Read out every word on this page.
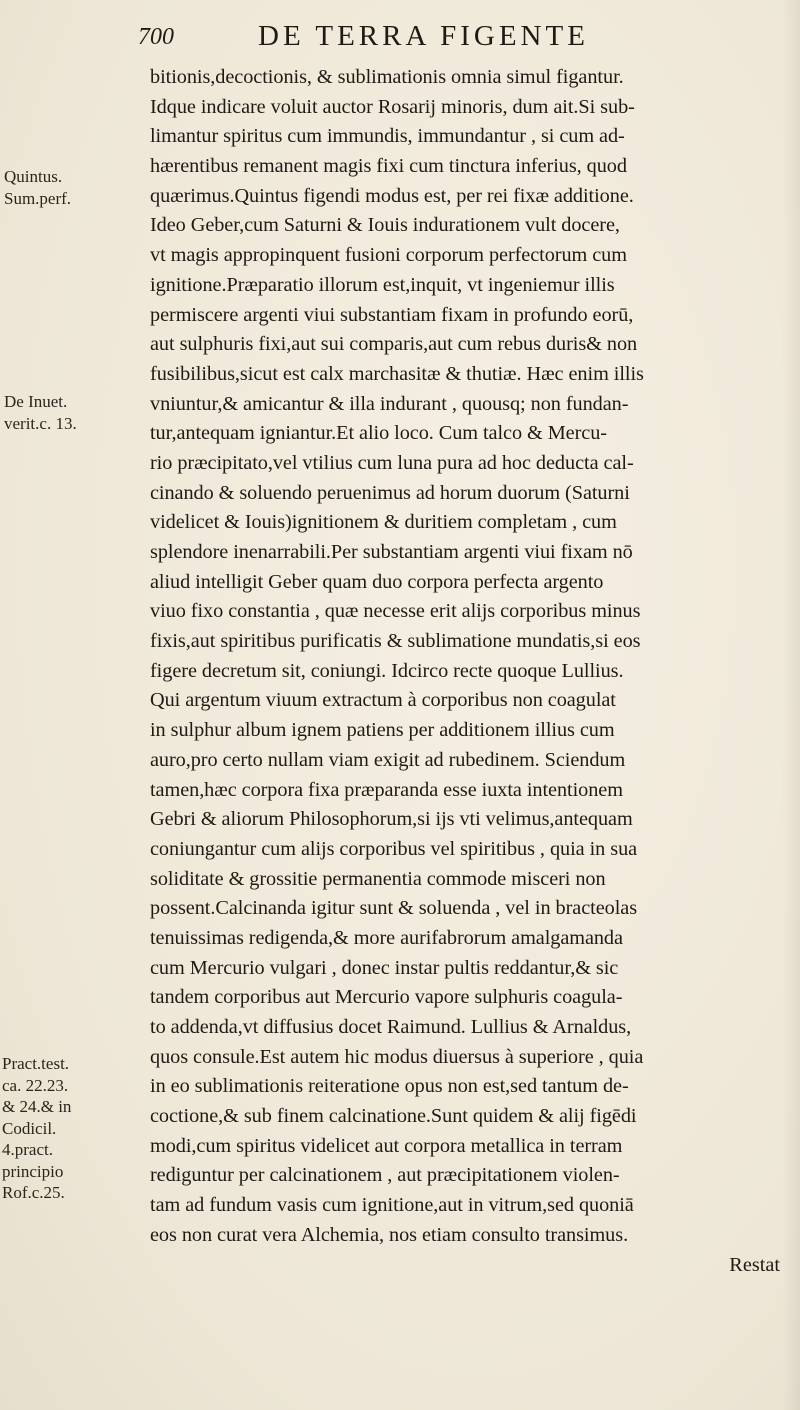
700	DE TERRA FIGENTE
bitionis,decoctionis, & sublimationis omnia simul figantur.
Idque indicare voluit auctor Rosarij minoris, dum ait.Si sub-
limantur spiritus cum immundis, immundantur , si cum ad-
hærentibus remanent magis fixi cum tinctura inferius, quod
quærimus.Quintus figendi modus est, per rei fixæ additione.
Ideo Geber,cum Saturni & Iouis indurationem vult docere,
vt magis appropinquent fusioni corporum perfectorum cum
ignitione.Præparatio illorum est,inquit, vt ingeniemur illis
permiscere argenti viui substantiam fixam in profundo eorū,
aut sulphuris fixi,aut sui comparis,aut cum rebus duris& non
fusibilibus,sicut est calx marchasitæ & thutiæ. Hæc enim illis
vniuntur,& amicantur & illa indurant , quousq; non fundan-
tur,antequam igniantur.Et alio loco. Cum talco & Mercu-
rio præcipitato,vel vtilius cum luna pura ad hoc deducta cal-
cinando & soluendo peruenimus ad horum duorum (Saturni
videlicet & Iouis)ignitionem & duritiem completam , cum
splendore inenarrabili.Per substantiam argenti viui fixam nō
aliud intelligit Geber quam duo corpora perfecta argento
viuo fixo constantia , quæ necesse erit alijs corporibus minus
fixis,aut spiritibus purificatis & sublimatione mundatis,si eos
figere decretum sit, coniungi. Idcirco recte quoque Lullius.
Qui argentum viuum extractum à corporibus non coagulat
in sulphur album ignem patiens per additionem illius cum
auro,pro certo nullam viam exigit ad rubedinem. Sciendum
tamen,hæc corpora fixa præparanda esse iuxta intentionem
Gebri & aliorum Philosophorum,si ijs vti velimus,antequam
coniungantur cum alijs corporibus vel spiritibus , quia in sua
soliditate & grossitie permanentia commode misceri non
possent.Calcinanda igitur sunt & soluenda , vel in bracteolas
tenuissimas redigenda,& more aurifabrorum amalgamanda
cum Mercurio vulgari , donec instar pultis reddantur,& sic
tandem corporibus aut Mercurio vapore sulphuris coagula-
to addenda,vt diffusius docet Raimund. Lullius & Arnaldus,
quos consule.Est autem hic modus diuersus à superiore , quia
in eo sublimationis reiteratione opus non est,sed tantum de-
coctione,& sub finem calcinatione.Sunt quidem & alij figēdi
modi,cum spiritus videlicet aut corpora metallica in terram
rediguntur per calcinationem , aut præcipitationem violen-
tam ad fundum vasis cum ignitione,aut in vitrum,sed quoniā
eos non curat vera Alchemia, nos etiam consulto transimus.
Restat
Quintus.
Sum.perf.
De Inuet.
verit.c. 13.
Pract.test.
ca. 22.23.
& 24.& in
Codicil.
4.pract.
principio
Rof.c.25.
